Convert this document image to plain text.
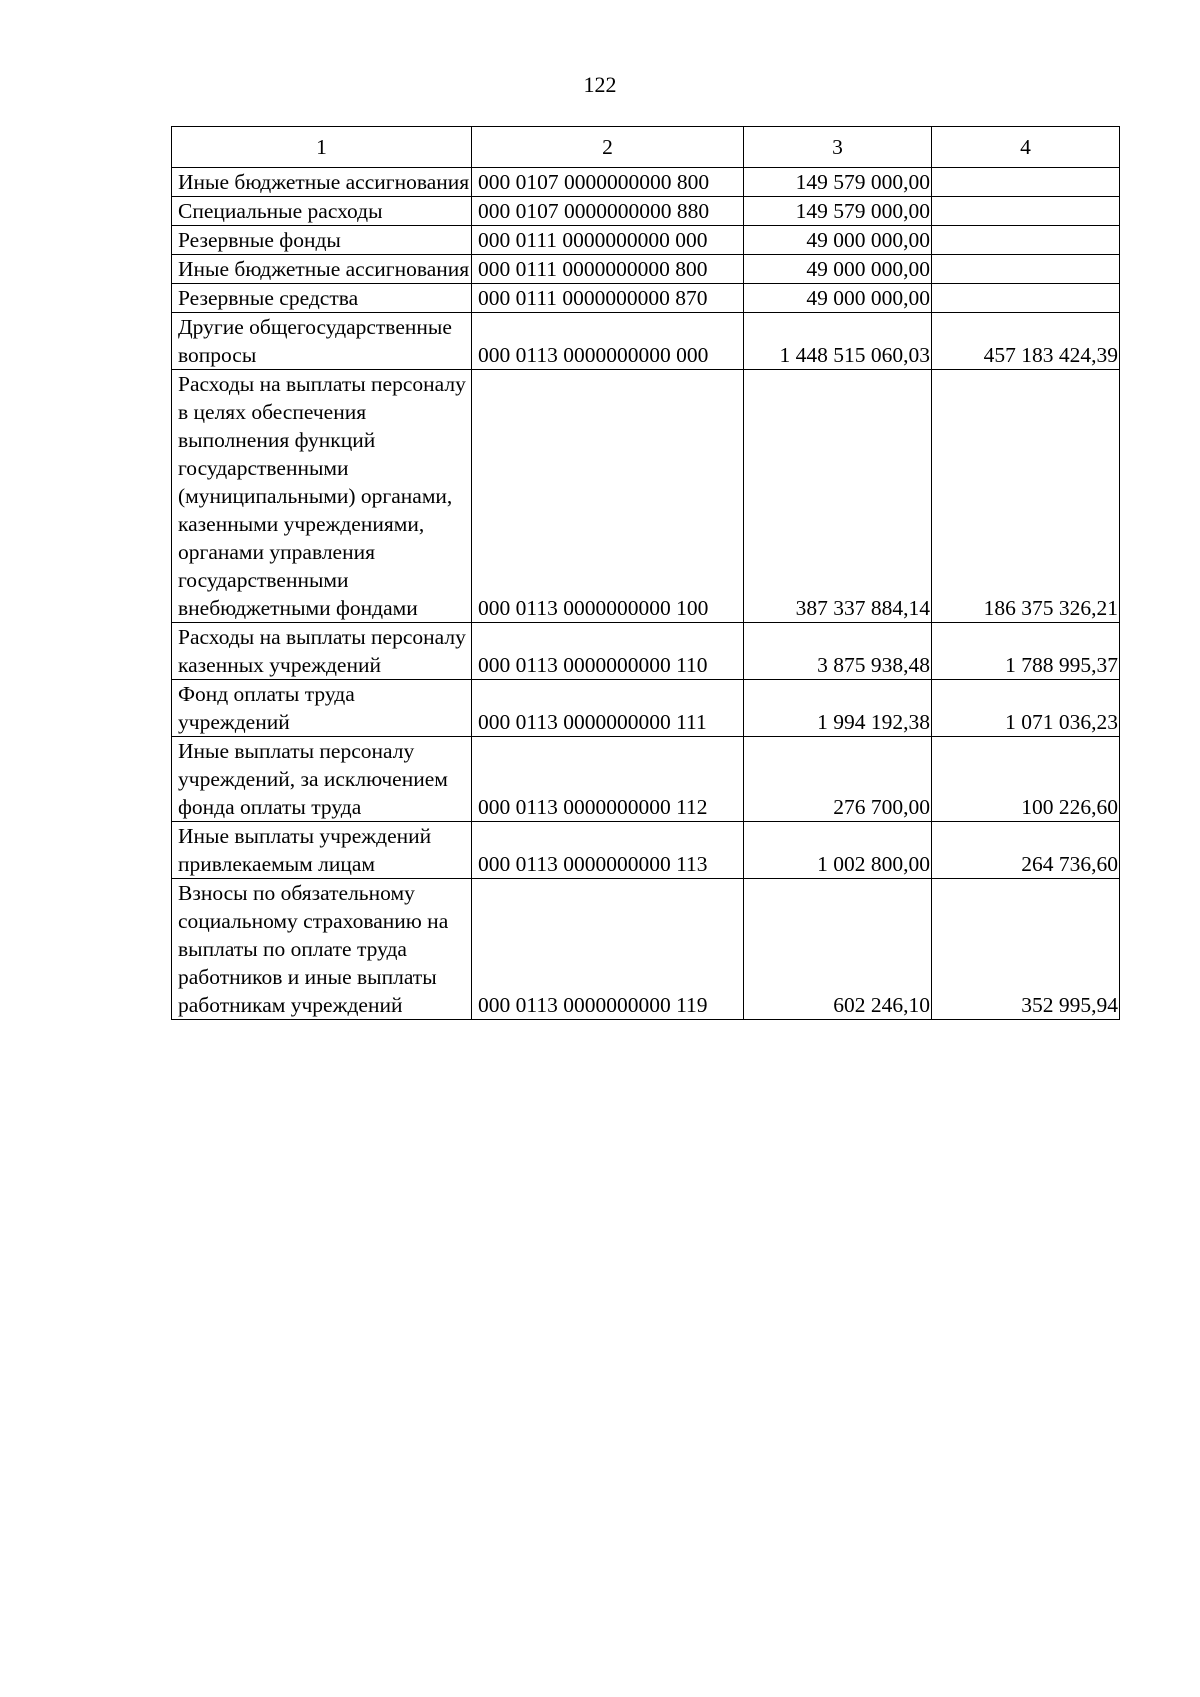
122
1	2	3	4
Иные бюджетные ассигнования	000 0107 0000000000 800	149 579 000,00	
Специальные расходы	000 0107 0000000000 880	149 579 000,00	
Резервные фонды	000 0111 0000000000 000	49 000 000,00	
Иные бюджетные ассигнования	000 0111 0000000000 800	49 000 000,00	
Резервные средства	000 0111 0000000000 870	49 000 000,00	
Другие общегосударственные вопросы	000 0113 0000000000 000	1 448 515 060,03	457 183 424,39
Расходы на выплаты персоналу в целях обеспечения выполнения функций государственными (муниципальными) органами, казенными учреждениями, органами управления государственными внебюджетными фондами	000 0113 0000000000 100	387 337 884,14	186 375 326,21
Расходы на выплаты персоналу казенных учреждений	000 0113 0000000000 110	3 875 938,48	1 788 995,37
Фонд оплаты труда учреждений	000 0113 0000000000 111	1 994 192,38	1 071 036,23
Иные выплаты персоналу учреждений, за исключением фонда оплаты труда	000 0113 0000000000 112	276 700,00	100 226,60
Иные выплаты учреждений привлекаемым лицам	000 0113 0000000000 113	1 002 800,00	264 736,60
Взносы по обязательному социальному страхованию на выплаты по оплате труда работников и иные выплаты работникам учреждений	000 0113 0000000000 119	602 246,10	352 995,94
